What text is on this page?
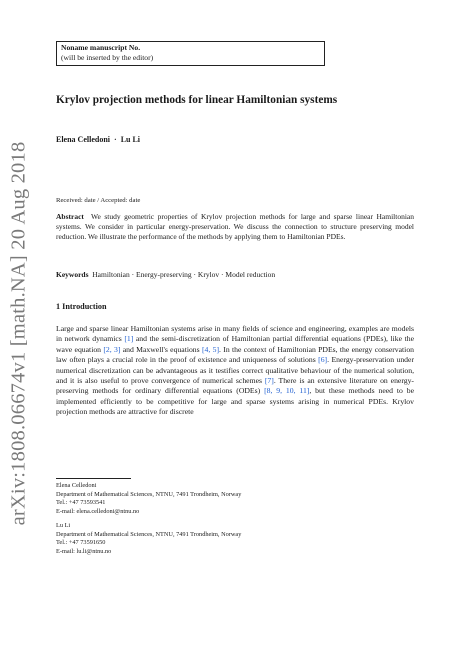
arXiv:1808.06674v1 [math.NA] 20 Aug 2018
Noname manuscript No.
(will be inserted by the editor)
Krylov projection methods for linear Hamiltonian systems
Elena Celledoni · Lu Li
Received: date / Accepted: date

Abstract We study geometric properties of Krylov projection methods for large and sparse linear Hamiltonian systems. We consider in particular energy-preservation. We discuss the connection to structure preserving model reduction. We illustrate the performance of the methods by applying them to Hamiltonian PDEs.

Keywords Hamiltonian · Energy-preserving · Krylov · Model reduction
1 Introduction

Large and sparse linear Hamiltonian systems arise in many fields of science and engineering, examples are models in network dynamics [1] and the semi-discretization of Hamiltonian partial differential equations (PDEs), like the wave equation [2, 3] and Maxwell's equations [4, 5]. In the context of Hamiltonian PDEs, the energy conservation law often plays a crucial role in the proof of existence and uniqueness of solutions [6]. Energy-preservation under numerical discretization can be advantageous as it testifies correct qualitative behaviour of the numerical solution, and it is also useful to prove convergence of numerical schemes [7]. There is an extensive literature on energy-preserving methods for ordinary differential equations (ODEs) [8, 9, 10, 11], but these methods need to be implemented efficiently to be competitive for large and sparse systems arising in numerical PDEs. Krylov projection methods are attractive for discrete

Elena Celledoni
Department of Mathematical Sciences, NTNU, 7491 Trondheim, Norway
Tel.: +47 73593541
E-mail: elena.celledoni@ntnu.no
Lu Li
Department of Mathematical Sciences, NTNU, 7491 Trondheim, Norway
Tel.: +47 73591650
E-mail: lu.li@ntnu.no
